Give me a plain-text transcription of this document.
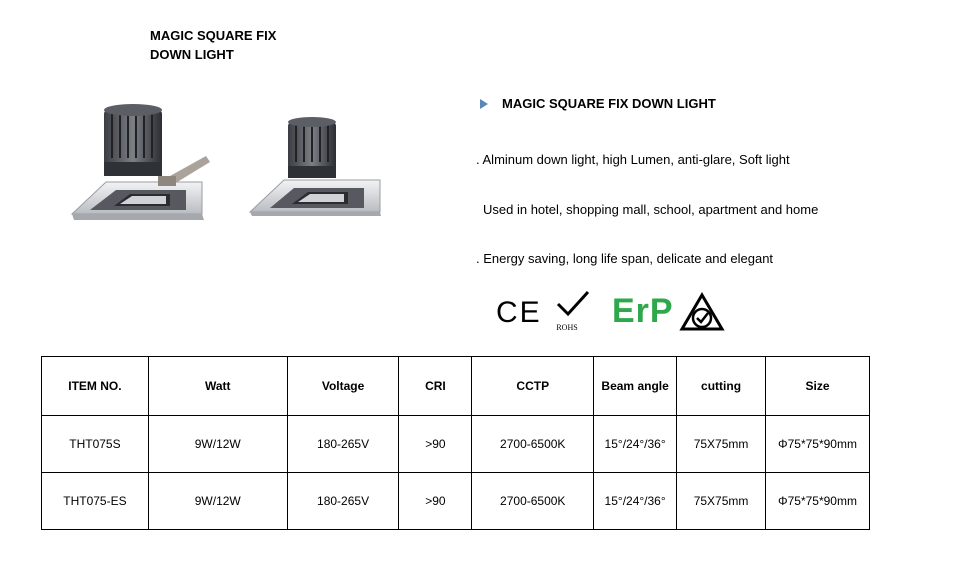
MAGIC SQUARE FIX
DOWN LIGHT
MAGIC SQUARE FIX DOWN LIGHT
. Alminum down light, high Lumen, anti-glare, Soft light
Used in hotel, shopping mall, school, apartment and home
. Energy saving, long life span, delicate and elegant
CE	ROHS ErP
ITEM NO.	Watt	Voltage	CRI	CCTP	Beam angle	cutting	Size
THT075S	9W/12W	180-265V	>90	2700-6500K	15°/24°/36°	75X75mm	Φ75*75*90mm
THT075-ES	9W/12W	180-265V	>90	2700-6500K	15°/24°/36°	75X75mm	Φ75*75*90mm
